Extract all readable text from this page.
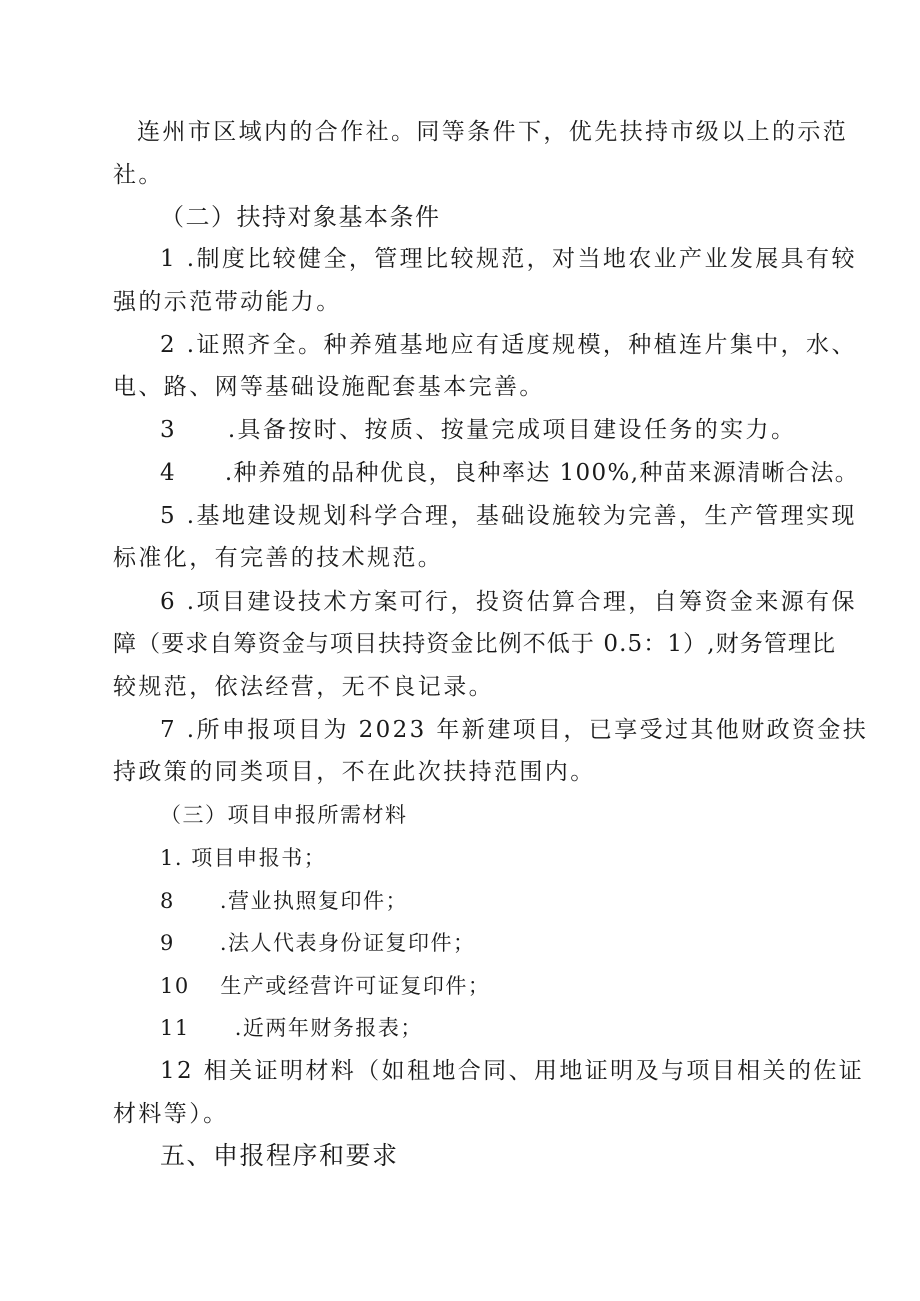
连州市区域内的合作社。同等条件下，优先扶持市级以上的示范
社。
（二）扶持对象基本条件
1 .制度比较健全，管理比较规范，对当地农业产业发展具有较
强的示范带动能力。
2 .证照齐全。种养殖基地应有适度规模，种植连片集中，水、
电、路、网等基础设施配套基本完善。
3　　.具备按时、按质、按量完成项目建设任务的实力。
4　　.种养殖的品种优良，良种率达 100%,种苗来源清晰合法。
5 .基地建设规划科学合理，基础设施较为完善，生产管理实现
标准化，有完善的技术规范。
6 .项目建设技术方案可行，投资估算合理，自筹资金来源有保
障（要求自筹资金与项目扶持资金比例不低于 0.5：1）,财务管理比
较规范，依法经营，无不良记录。
7 .所申报项目为 2023 年新建项目，已享受过其他财政资金扶
持政策的同类项目，不在此次扶持范围内。
（三）项目申报所需材料
1. 项目申报书；
8　　.营业执照复印件；
9　　.法人代表身份证复印件；
10　 生产或经营许可证复印件；
11　　.近两年财务报表；
12 相关证明材料（如租地合同、用地证明及与项目相关的佐证
材料等）。
五、申报程序和要求
